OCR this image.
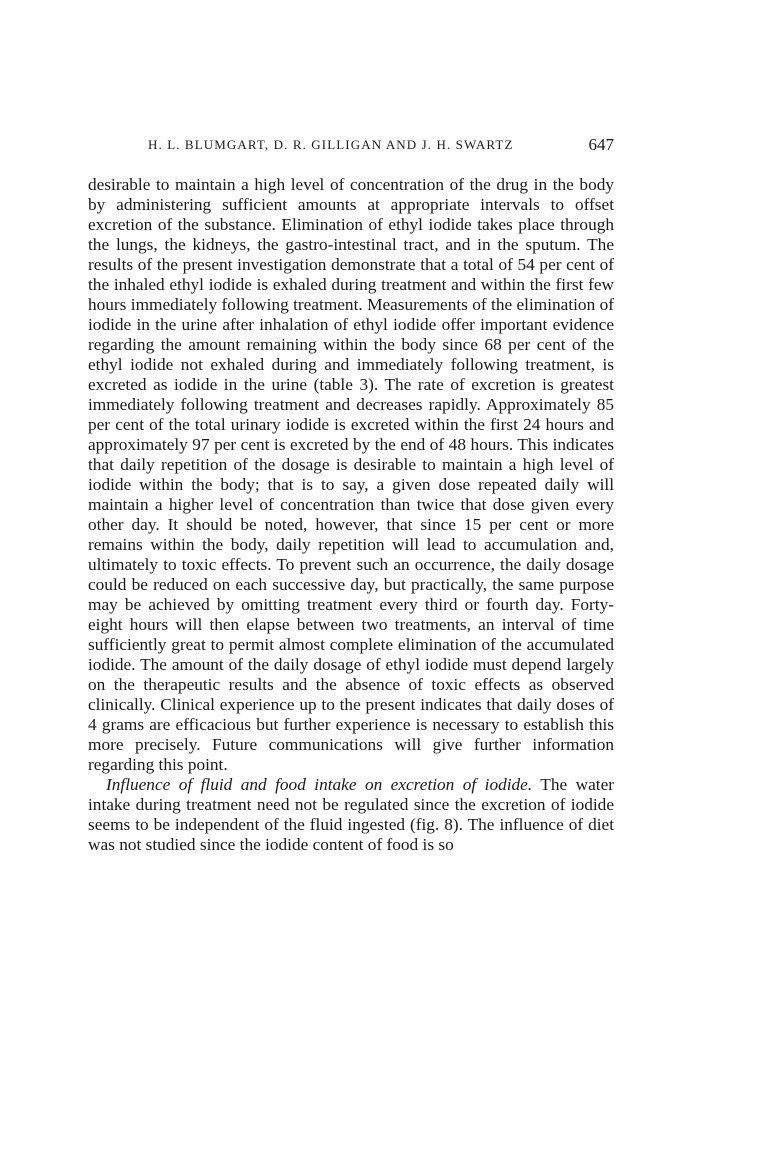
H. L. BLUMGART, D. R. GILLIGAN AND J. H. SWARTZ	647

desirable to maintain a high level of concentration of the drug in the body by administering sufficient amounts at appropriate intervals to offset excretion of the substance. Elimination of ethyl iodide takes place through the lungs, the kidneys, the gastro-intestinal tract, and in the sputum. The results of the present investigation demonstrate that a total of 54 per cent of the inhaled ethyl iodide is exhaled during treatment and within the first few hours immediately following treatment. Measurements of the elimination of iodide in the urine after inhalation of ethyl iodide offer important evidence regarding the amount remaining within the body since 68 per cent of the ethyl iodide not exhaled during and immediately following treatment, is excreted as iodide in the urine (table 3). The rate of excretion is greatest immediately following treatment and decreases rapidly. Approximately 85 per cent of the total urinary iodide is excreted within the first 24 hours and approximately 97 per cent is excreted by the end of 48 hours. This indicates that daily repetition of the dosage is desirable to maintain a high level of iodide within the body; that is to say, a given dose repeated daily will maintain a higher level of concentration than twice that dose given every other day. It should be noted, however, that since 15 per cent or more remains within the body, daily repetition will lead to accumulation and, ultimately to toxic effects. To prevent such an occurrence, the daily dosage could be reduced on each successive day, but practically, the same purpose may be achieved by omitting treatment every third or fourth day. Forty-eight hours will then elapse between two treatments, an interval of time sufficiently great to permit almost complete elimination of the accumulated iodide. The amount of the daily dosage of ethyl iodide must depend largely on the therapeutic results and the absence of toxic effects as observed clinically. Clinical experience up to the present indicates that daily doses of 4 grams are efficacious but further experience is necessary to establish this more precisely. Future communications will give further information regarding this point.

Influence of fluid and food intake on excretion of iodide. The water intake during treatment need not be regulated since the excretion of iodide seems to be independent of the fluid ingested (fig. 8). The influence of diet was not studied since the iodide content of food is so
